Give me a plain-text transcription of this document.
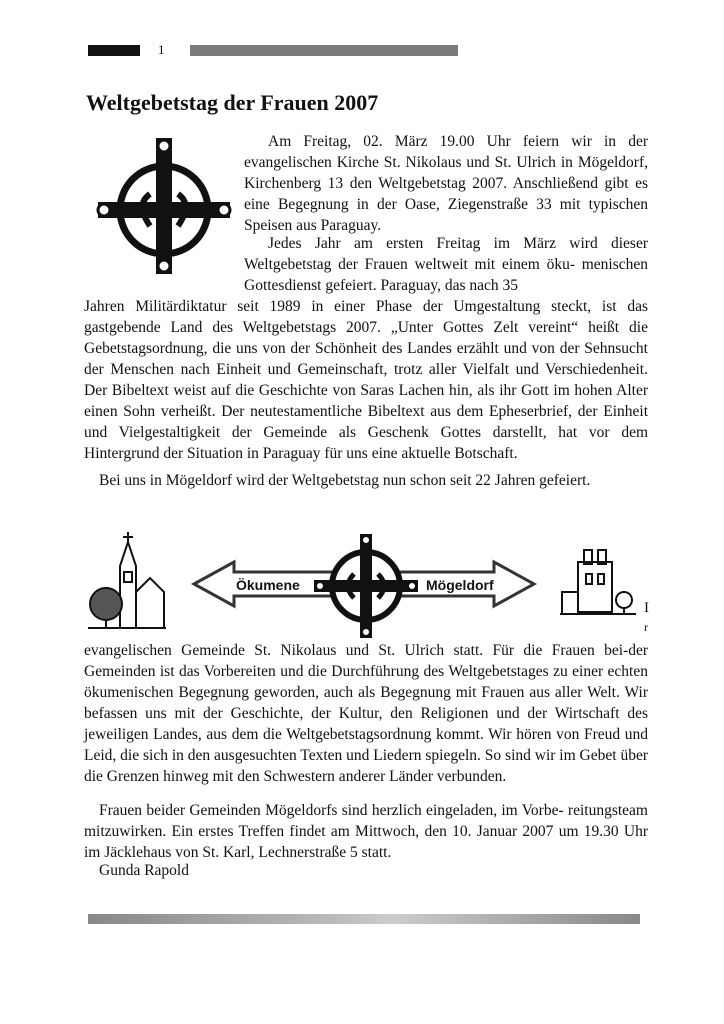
1
Weltgebetstag der Frauen 2007

Am Freitag, 02. März 19.00 Uhr feiern wir in der evangelischen Kirche St. Nikolaus und St. Ulrich in Mögeldorf, Kirchenberg 13 den Weltgebetstag 2007. Anschließend gibt es eine Begegnung in der Oase, Ziegenstraße 33 mit typischen Speisen aus Paraguay.

Jedes Jahr am ersten Freitag im März wird dieser Weltgebetstag der Frauen weltweit mit einem öku- menischen Gottesdienst gefeiert. Paraguay, das nach 35

Jahren Militärdiktatur seit 1989 in einer Phase der Umgestaltung steckt, ist das gastgebende Land des Weltgebetstags 2007. „Unter Gottes Zelt vereint“ heißt die Gebetstagsordnung, die uns von der Schönheit des Landes erzählt und von der Sehnsucht der Menschen nach Einheit und Gemeinschaft, trotz aller Vielfalt und Verschiedenheit. Der Bibeltext weist auf die Geschichte von Saras Lachen hin, als ihr Gott im hohen Alter einen Sohn verheißt. Der neutestamentliche Bibeltext aus dem Epheserbrief, der Einheit und Vielgestaltigkeit der Gemeinde als Geschenk Gottes darstellt, hat vor dem Hintergrund der Situation in Paraguay für uns eine aktuelle Botschaft.

Bei uns in Mögeldorf wird der Weltgebetstag nun schon seit 22 Jahren gefeiert.

Ökumene	Mögeldorf
I
r

evangelischen Gemeinde St. Nikolaus und St. Ulrich statt. Für die Frauen bei-der Gemeinden ist das Vorbereiten und die Durchführung des Weltgebetstages zu einer echten ökumenischen Begegnung geworden, auch als Begegnung mit Frauen aus aller Welt. Wir befassen uns mit der Geschichte, der Kultur, den Religionen und der Wirtschaft des jeweiligen Landes, aus dem die Weltgebetstagsordnung kommt. Wir hören von Freud und Leid, die sich in den ausgesuchten Texten und Liedern spiegeln. So sind wir im Gebet über die Grenzen hinweg mit den Schwestern anderer Länder verbunden.

Frauen beider Gemeinden Mögeldorfs sind herzlich eingeladen, im Vorbe- reitungsteam mitzuwirken. Ein erstes Treffen findet am Mittwoch, den 10. Januar 2007 um 19.30 Uhr im Jäcklehaus von St. Karl, Lechnerstraße 5 statt.

Gunda Rapold
